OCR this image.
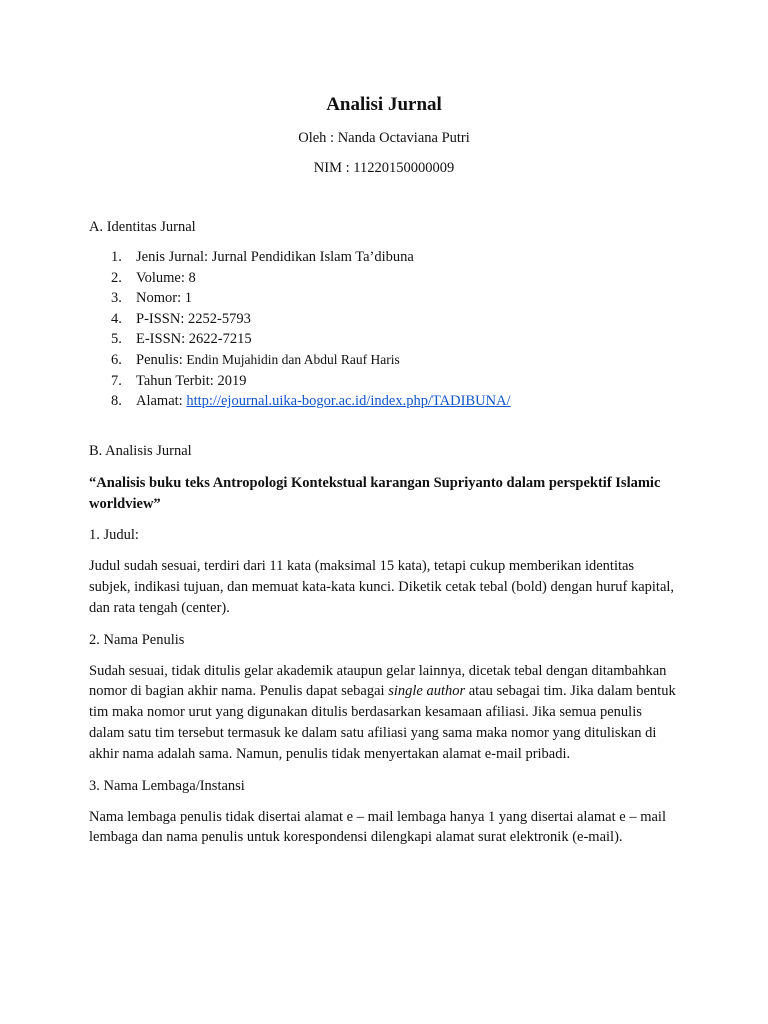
Analisi Jurnal

Oleh : Nanda Octaviana Putri

NIM : 11220150000009

A. Identitas Jurnal

1. Jenis Jurnal: Jurnal Pendidikan Islam Ta’dibuna
2. Volume: 8
3. Nomor: 1
4. P-ISSN: 2252-5793
5. E-ISSN: 2622-7215
6. Penulis: Endin Mujahidin dan Abdul Rauf Haris
7. Tahun Terbit: 2019
8. Alamat: http://ejournal.uika-bogor.ac.id/index.php/TADIBUNA/

B. Analisis Jurnal

“Analisis buku teks Antropologi Kontekstual karangan Supriyanto dalam perspektif Islamic worldview”

1. Judul:

Judul sudah sesuai, terdiri dari 11 kata (maksimal 15 kata), tetapi cukup memberikan identitas subjek, indikasi tujuan, dan memuat kata-kata kunci. Diketik cetak tebal (bold) dengan huruf kapital, dan rata tengah (center).

2. Nama Penulis

Sudah sesuai, tidak ditulis gelar akademik ataupun gelar lainnya, dicetak tebal dengan ditambahkan nomor di bagian akhir nama. Penulis dapat sebagai single author atau sebagai tim. Jika dalam bentuk tim maka nomor urut yang digunakan ditulis berdasarkan kesamaan afiliasi. Jika semua penulis dalam satu tim tersebut termasuk ke dalam satu afiliasi yang sama maka nomor yang dituliskan di akhir nama adalah sama. Namun, penulis tidak menyertakan alamat e-mail pribadi.

3. Nama Lembaga/Instansi

Nama lembaga penulis tidak disertai alamat e – mail lembaga hanya 1 yang disertai alamat e – mail lembaga dan nama penulis untuk korespondensi dilengkapi alamat surat elektronik (e-mail).
